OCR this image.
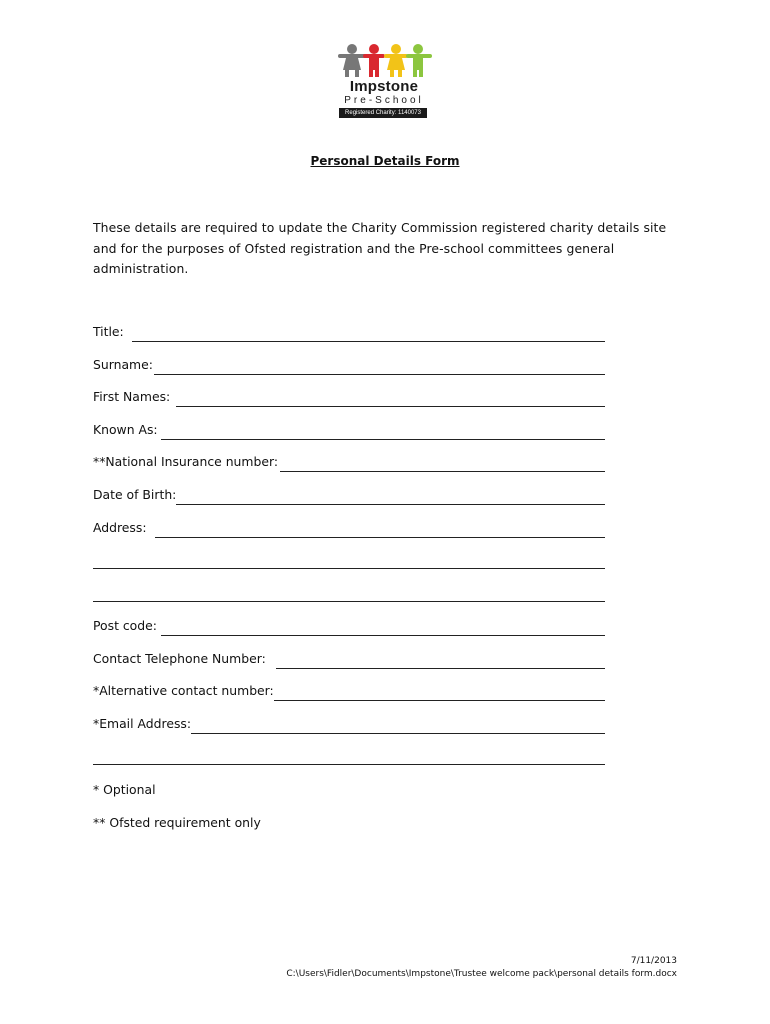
Impstone
Pre-School
Registered Charity: 1140073
Personal Details Form
These details are required to update the Charity Commission registered charity details site and for the purposes of Ofsted registration and the Pre-school committees general administration.
Title:
Surname:
First Names:
Known As:
**National Insurance number:
Date of Birth:
Address:
Post code:
Contact Telephone Number:
*Alternative contact number:
*Email Address:
* Optional
** Ofsted requirement only
7/11/2013
C:\Users\Fidler\Documents\Impstone\Trustee welcome pack\personal details form.docx
